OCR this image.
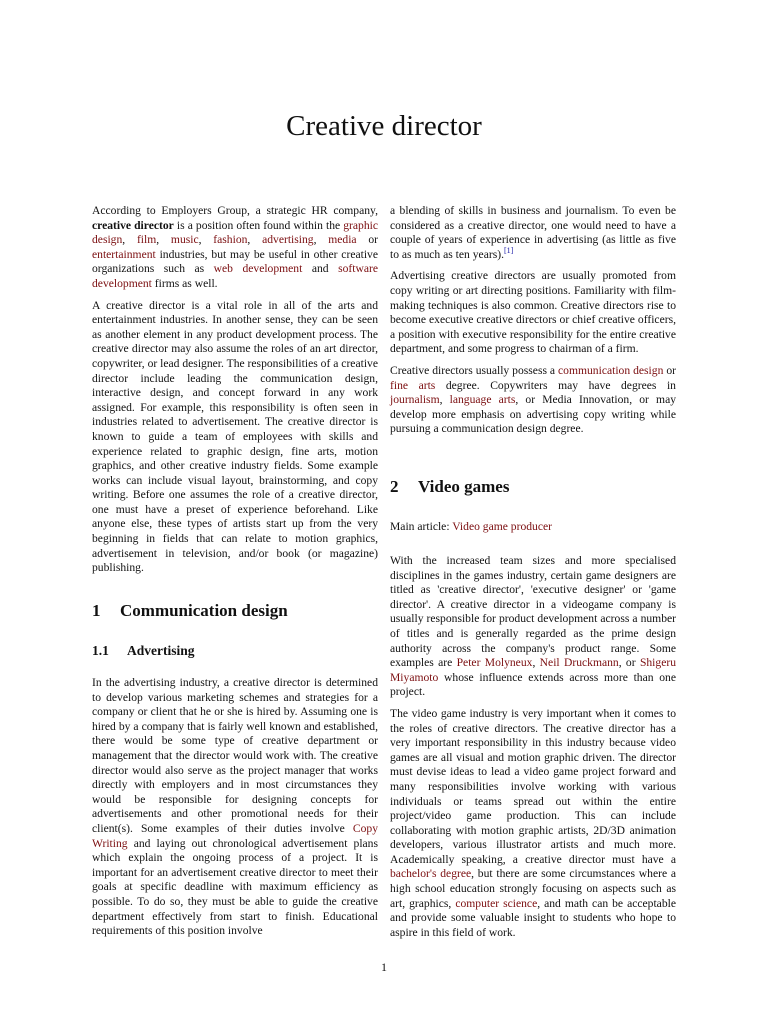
Creative director

According to Employers Group, a strategic HR company, creative director is a position often found within the graphic design, film, music, fashion, advertising, media or entertainment industries, but may be useful in other creative organizations such as web development and software development firms as well.

A creative director is a vital role in all of the arts and entertainment industries. In another sense, they can be seen as another element in any product development process. The creative director may also assume the roles of an art director, copywriter, or lead designer. The responsibilities of a creative director include leading the communication design, interactive design, and concept forward in any work assigned. For example, this responsibility is often seen in industries related to advertisement. The creative director is known to guide a team of employees with skills and experience related to graphic design, fine arts, motion graphics, and other creative industry fields. Some example works can include visual layout, brainstorming, and copy writing. Before one assumes the role of a creative director, one must have a preset of experience beforehand. Like anyone else, these types of artists start up from the very beginning in fields that can relate to motion graphics, advertisement in television, and/or book (or magazine) publishing.

1 Communication design
1.1 Advertising

In the advertising industry, a creative director is determined to develop various marketing schemes and strategies for a company or client that he or she is hired by. Assuming one is hired by a company that is fairly well known and established, there would be some type of creative department or management that the director would work with. The creative director would also serve as the project manager that works directly with employers and in most circumstances they would be responsible for designing concepts for advertisements and other promotional needs for their client(s). Some examples of their duties involve Copy Writing and laying out chronological advertisement plans which explain the ongoing process of a project. It is important for an advertisement creative director to meet their goals at specific deadline with maximum efficiency as possible. To do so, they must be able to guide the creative department effectively from start to finish. Educational requirements of this position involve

a blending of skills in business and journalism. To even be considered as a creative director, one would need to have a couple of years of experience in advertising (as little as five to as much as ten years).[1]

Advertising creative directors are usually promoted from copy writing or art directing positions. Familiarity with film-making techniques is also common. Creative directors rise to become executive creative directors or chief creative officers, a position with executive responsibility for the entire creative department, and some progress to chairman of a firm.

Creative directors usually possess a communication design or fine arts degree. Copywriters may have degrees in journalism, language arts, or Media Innovation, or may develop more emphasis on advertising copy writing while pursuing a communication design degree.

2 Video games

Main article: Video game producer

With the increased team sizes and more specialised disciplines in the games industry, certain game designers are titled as 'creative director', 'executive designer' or 'game director'. A creative director in a videogame company is usually responsible for product development across a number of titles and is generally regarded as the prime design authority across the company's product range. Some examples are Peter Molyneux, Neil Druckmann, or Shigeru Miyamoto whose influence extends across more than one project.

The video game industry is very important when it comes to the roles of creative directors. The creative director has a very important responsibility in this industry because video games are all visual and motion graphic driven. The director must devise ideas to lead a video game project forward and many responsibilities involve working with various individuals or teams spread out within the entire project/video game production. This can include collaborating with motion graphic artists, 2D/3D animation developers, various illustrator artists and much more. Academically speaking, a creative director must have a bachelor's degree, but there are some circumstances where a high school education strongly focusing on aspects such as art, graphics, computer science, and math can be acceptable and provide some valuable insight to students who hope to aspire in this field of work.

1
